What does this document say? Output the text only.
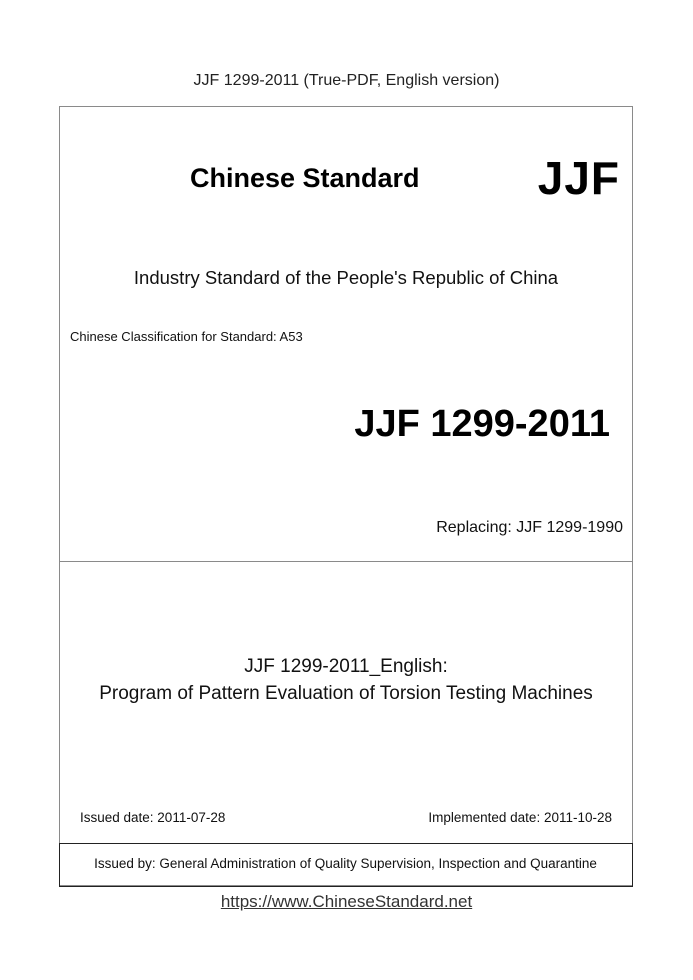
JJF 1299-2011 (True-PDF, English version)
Chinese Standard	JJF
Industry Standard of the People's Republic of China
Chinese Classification for Standard: A53
JJF 1299-2011
Replacing: JJF 1299-1990
JJF 1299-2011_English:
Program of Pattern Evaluation of Torsion Testing Machines
Issued date: 2011-07-28	Implemented date: 2011-10-28
Issued by: General Administration of Quality Supervision, Inspection and Quarantine
https://www.ChineseStandard.net
